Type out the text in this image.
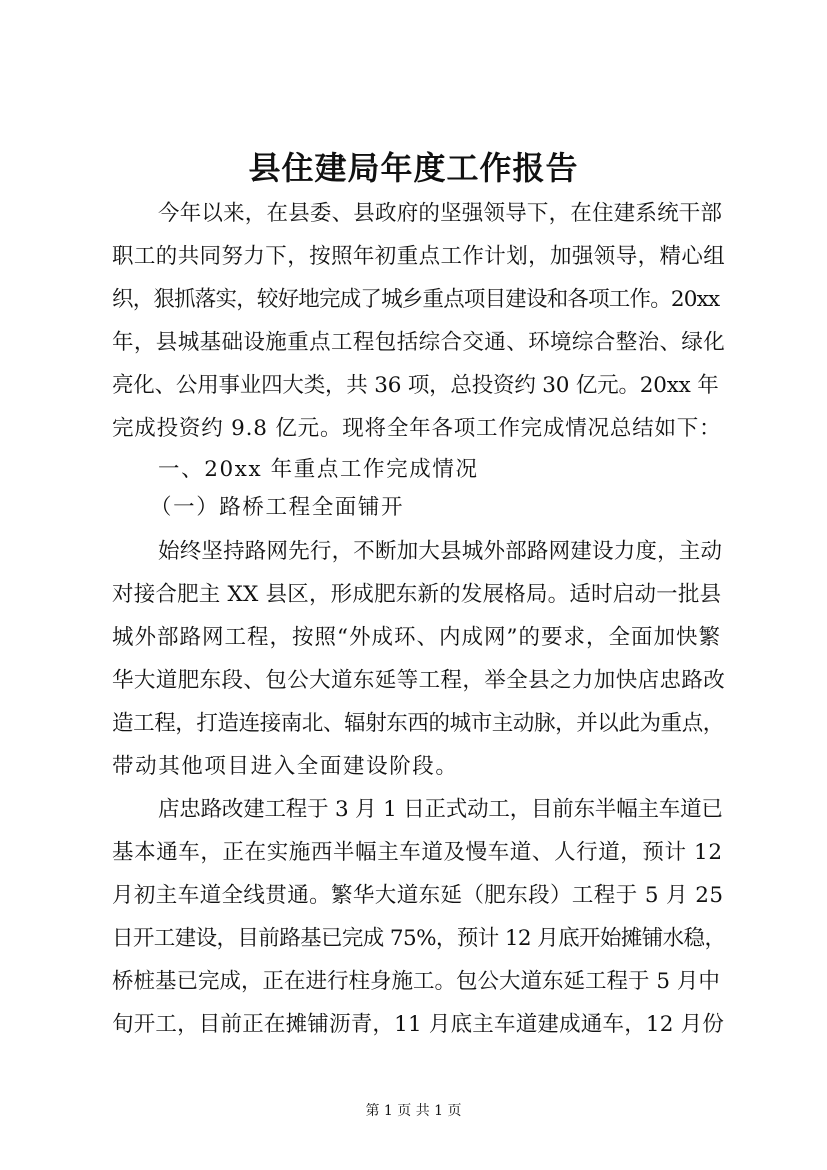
县住建局年度工作报告
今年以来，在县委、县政府的坚强领导下，在住建系统干部
职工的共同努力下，按照年初重点工作计划，加强领导，精心组
织，狠抓落实，较好地完成了城乡重点项目建设和各项工作。20xx
年，县城基础设施重点工程包括综合交通、环境综合整治、绿化
亮化、公用事业四大类，共 36 项，总投资约 30 亿元。20xx 年
完成投资约 9.8 亿元。现将全年各项工作完成情况总结如下：
一、20xx 年重点工作完成情况
（一）路桥工程全面铺开
始终坚持路网先行，不断加大县城外部路网建设力度，主动
对接合肥主 XX 县区，形成肥东新的发展格局。适时启动一批县
城外部路网工程，按照“外成环、内成网”的要求，全面加快繁
华大道肥东段、包公大道东延等工程，举全县之力加快店忠路改
造工程，打造连接南北、辐射东西的城市主动脉，并以此为重点，
带动其他项目进入全面建设阶段。
店忠路改建工程于 3 月 1 日正式动工，目前东半幅主车道已
基本通车，正在实施西半幅主车道及慢车道、人行道，预计 12
月初主车道全线贯通。繁华大道东延（肥东段）工程于 5 月 25
日开工建设，目前路基已完成 75%，预计 12 月底开始摊铺水稳，
桥桩基已完成，正在进行柱身施工。包公大道东延工程于 5 月中
旬开工，目前正在摊铺沥青，11 月底主车道建成通车，12 月份
第 1 页 共 1 页
